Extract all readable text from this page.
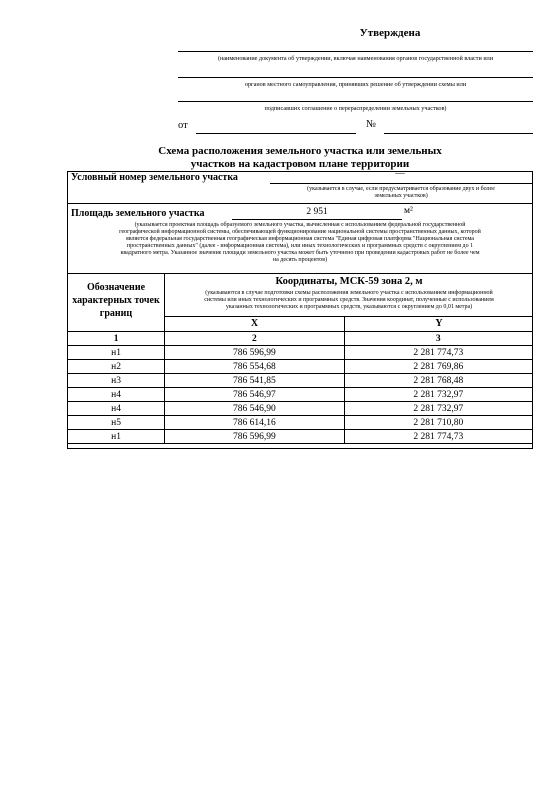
Утверждена
(наименование документа об утверждении, включая наименования органов государственной власти или
органов местного самоуправления, принявших решение об утверждении схемы или
подписавших соглашение о перераспределении земельных участков)
от	№
Схема расположения земельного участка или земельных
участков на кадастровом плане территории
Условный номер земельного участка	—
(указывается в случае, если предусматривается образование двух и более
земельных участков)
Площадь земельного участка	2 951	м²
(указывается проектная площадь образуемого земельного участка, вычисленная с использованием федеральной государственной
географической информационной системы, обеспечивающей функционирование национальной системы пространственных данных, которой
является федеральная государственная географическая информационная система "Единая цифровая платформа "Национальная система
пространственных данных" (далее - информационная система), или иных технологических и программных средств с округлением до 1
квадратного метра. Указанное значение площади земельного участка может быть уточнено при проведении кадастровых работ не более чем
на десять процентов)
Обозначение характерных точек границ
Координаты, МСК-59 зона 2, м
(указываются в случае подготовки схемы расположения земельного участка с использованием информационной
системы или иных технологических и программных средств. Значения координат, полученные с использованием
указанных технологических и программных средств, указываются с округлением до 0,01 метра)
X	Y
1	2	3
н1	786 596,99	2 281 774,73
н2	786 554,68	2 281 769,86
н3	786 541,85	2 281 768,48
н4	786 546,97	2 281 732,97
н4	786 546,90	2 281 732,97
н5	786 614,16	2 281 710,80
н1	786 596,99	2 281 774,73
